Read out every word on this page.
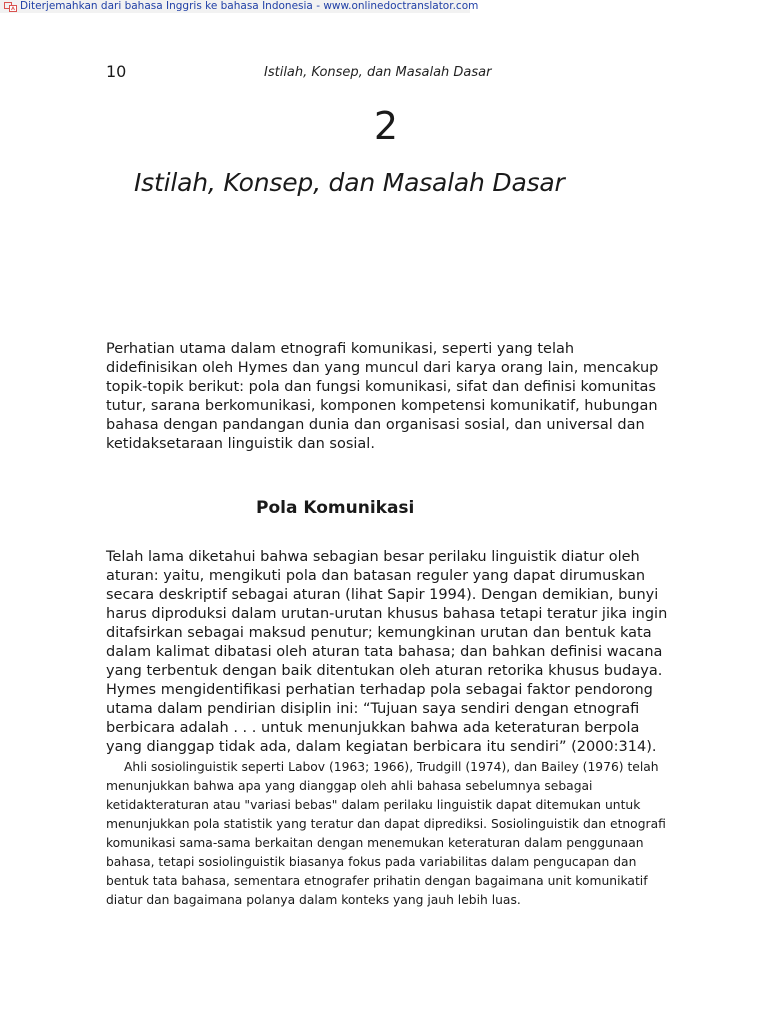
Diterjemahkan dari bahasa Inggris ke bahasa Indonesia - www.onlinedoctranslator.com
10	Istilah, Konsep, dan Masalah Dasar
2
Istilah, Konsep, dan Masalah Dasar

Perhatian utama dalam etnografi komunikasi, seperti yang telah didefinisikan oleh Hymes dan yang muncul dari karya orang lain, mencakup topik-topik berikut: pola dan fungsi komunikasi, sifat dan definisi komunitas tutur, sarana berkomunikasi, komponen kompetensi komunikatif, hubungan bahasa dengan pandangan dunia dan organisasi sosial, dan universal dan ketidaksetaraan linguistik dan sosial.

Pola Komunikasi

Telah lama diketahui bahwa sebagian besar perilaku linguistik diatur oleh aturan: yaitu, mengikuti pola dan batasan reguler yang dapat dirumuskan secara deskriptif sebagai aturan (lihat Sapir 1994). Dengan demikian, bunyi harus diproduksi dalam urutan-urutan khusus bahasa tetapi teratur jika ingin ditafsirkan sebagai maksud penutur; kemungkinan urutan dan bentuk kata dalam kalimat dibatasi oleh aturan tata bahasa; dan bahkan definisi wacana yang terbentuk dengan baik ditentukan oleh aturan retorika khusus budaya. Hymes mengidentifikasi perhatian terhadap pola sebagai faktor pendorong utama dalam pendirian disiplin ini: “Tujuan saya sendiri dengan etnografi berbicara adalah . . . untuk menunjukkan bahwa ada keteraturan berpola yang dianggap tidak ada, dalam kegiatan berbicara itu sendiri” (2000:314).

Ahli sosiolinguistik seperti Labov (1963; 1966), Trudgill (1974), dan Bailey (1976) telah menunjukkan bahwa apa yang dianggap oleh ahli bahasa sebelumnya sebagai ketidakteraturan atau "variasi bebas" dalam perilaku linguistik dapat ditemukan untuk menunjukkan pola statistik yang teratur dan dapat diprediksi. Sosiolinguistik dan etnografi komunikasi sama-sama berkaitan dengan menemukan keteraturan dalam penggunaan bahasa, tetapi sosiolinguistik biasanya fokus pada variabilitas dalam pengucapan dan bentuk tata bahasa, sementara etnografer prihatin dengan bagaimana unit komunikatif diatur dan bagaimana polanya dalam konteks yang jauh lebih luas.
